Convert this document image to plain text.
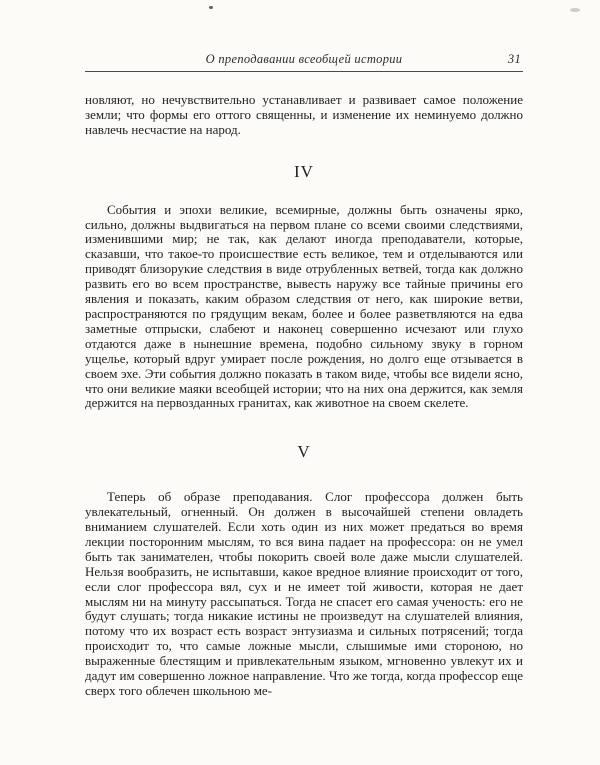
О преподавании всеобщей истории	31

новляют, но нечувствительно устанавливает и развивает самое положение земли; что формы его оттого священны, и изменение их неминуемо должно навлечь несчастие на народ.

IV

События и эпохи великие, всемирные, должны быть означены ярко, сильно, должны выдвигаться на первом плане со всеми своими следствиями, изменившими мир; не так, как делают иногда преподаватели, которые, сказавши, что такое-то происшествие есть великое, тем и отделываются или приводят близорукие следствия в виде отрубленных ветвей, тогда как должно развить его во всем пространстве, вывесть наружу все тайные причины его явления и показать, каким образом следствия от него, как широкие ветви, распространяются по грядущим векам, более и более разветвляются на едва заметные отпрыски, слабеют и наконец совершенно исчезают или глухо отдаются даже в нынешние времена, подобно сильному звуку в горном ущелье, который вдруг умирает после рождения, но долго еще отзывается в своем эхе. Эти события должно показать в таком виде, чтобы все видели ясно, что они великие маяки всеобщей истории; что на них она держится, как земля держится на первозданных гранитах, как животное на своем скелете.

V

Теперь об образе преподавания. Слог профессора должен быть увлекательный, огненный. Он должен в высочайшей степени овладеть вниманием слушателей. Если хоть один из них может предаться во время лекции посторонним мыслям, то вся вина падает на профессора: он не умел быть так занимателен, чтобы покорить своей воле даже мысли слушателей. Нельзя вообразить, не испытавши, какое вредное влияние происходит от того, если слог профессора вял, сух и не имеет той живости, которая не дает мыслям ни на минуту рассыпаться. Тогда не спасет его самая ученость: его не будут слушать; тогда никакие истины не произведут на слушателей влияния, потому что их возраст есть возраст энтузиазма и сильных потрясений; тогда происходит то, что самые ложные мысли, слышимые ими стороною, но выраженные блестящим и привлекательным языком, мгновенно увлекут их и дадут им совершенно ложное направление. Что же тогда, когда профессор еще сверх того облечен школьною ме-
